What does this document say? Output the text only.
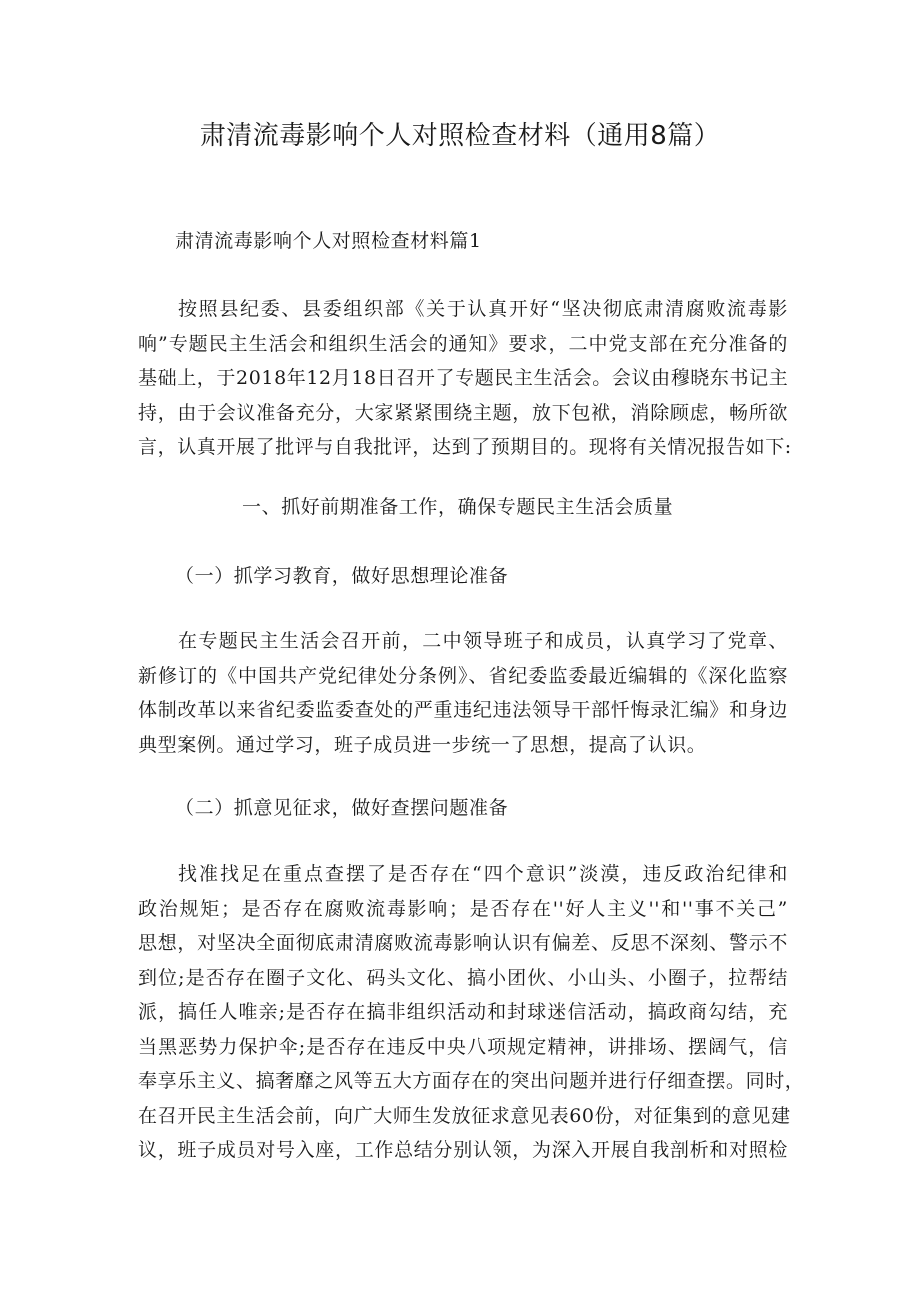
肃清流毒影响个人对照检查材料（通用8篇）
肃清流毒影响个人对照检查材料篇1
按照县纪委、县委组织部《关于认真开好“坚决彻底肃清腐败流毒影
响”专题民主生活会和组织生活会的通知》要求，二中党支部在充分准备的
基础上，于2018年12月18日召开了专题民主生活会。会议由穆晓东书记主
持，由于会议准备充分，大家紧紧围绕主题，放下包袱，消除顾虑，畅所欲
言，认真开展了批评与自我批评，达到了预期目的。现将有关情况报告如下:
一、抓好前期准备工作，确保专题民主生活会质量
（一）抓学习教育，做好思想理论准备
在专题民主生活会召开前，二中领导班子和成员，认真学习了党章、
新修订的《中国共产党纪律处分条例》、省纪委监委最近编辑的《深化监察
体制改革以来省纪委监委查处的严重违纪违法领导干部忏悔录汇编》和身边
典型案例。通过学习，班子成员进一步统一了思想，提高了认识。
（二）抓意见征求，做好查摆问题准备
找准找足在重点查摆了是否存在“四个意识”淡漠，违反政治纪律和
政治规矩；是否存在腐败流毒影响；是否存在''好人主义''和''事不关己”
思想，对坚决全面彻底肃清腐败流毒影响认识有偏差、反思不深刻、警示不
到位;是否存在圈子文化、码头文化、搞小团伙、小山头、小圈子，拉帮结
派，搞任人唯亲;是否存在搞非组织活动和封球迷信活动，搞政商勾结，充
当黑恶势力保护伞;是否存在违反中央八项规定精神，讲排场、摆阔气，信
奉享乐主义、搞奢靡之风等五大方面存在的突出问题并进行仔细查摆。同时，
在召开民主生活会前，向广大师生发放征求意见表60份，对征集到的意见建
议，班子成员对号入座，工作总结分别认领，为深入开展自我剖析和对照检
